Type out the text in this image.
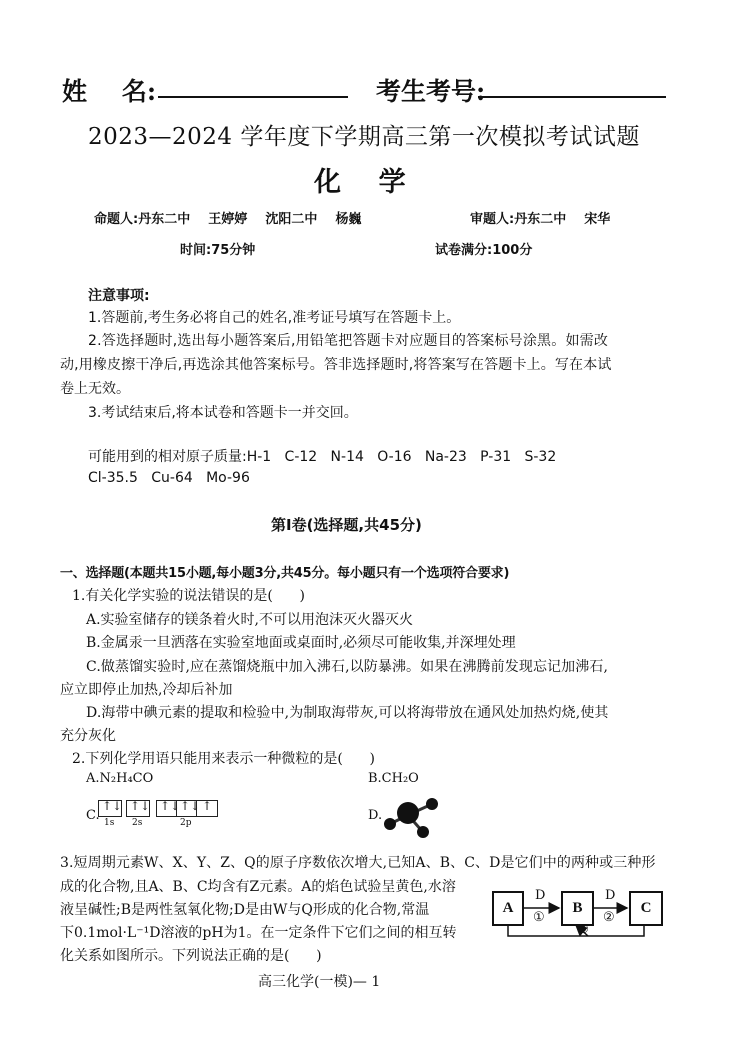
姓    名:	考生考号:
2023—2024 学年度下学期高三第一次模拟考试试题
化    学
命题人:丹东二中    王婷婷    沈阳二中    杨巍	审题人:丹东二中    宋华
时间:75分钟	试卷满分:100分
注意事项:
1.答题前,考生务必将自己的姓名,准考证号填写在答题卡上。
2.答选择题时,选出每小题答案后,用铅笔把答题卡对应题目的答案标号涂黑。如需改
动,用橡皮擦干净后,再选涂其他答案标号。答非选择题时,将答案写在答题卡上。写在本试
卷上无效。
3.考试结束后,将本试卷和答题卡一并交回。
可能用到的相对原子质量:H-1   C-12   N-14   O-16   Na-23   P-31   S-32
Cl-35.5   Cu-64   Mo-96
第Ⅰ卷(选择题,共45分)
一、选择题(本题共15小题,每小题3分,共45分。每小题只有一个选项符合要求)
1.有关化学实验的说法错误的是(      )
A.实验室储存的镁条着火时,不可以用泡沫灭火器灭火
B.金属汞一旦洒落在实验室地面或桌面时,必须尽可能收集,并深埋处理
C.做蒸馏实验时,应在蒸馏烧瓶中加入沸石,以防暴沸。如果在沸腾前发现忘记加沸石,
应立即停止加热,冷却后补加
D.海带中碘元素的提取和检验中,为制取海带灰,可以将海带放在通风处加热灼烧,使其
充分灰化
2.下列化学用语只能用来表示一种微粒的是(      )
A.N₂H₄CO	B.CH₂O
C.
↑↓ ↑↓ ↑↓ ↑↓ ↑
1s 2s	2p	D.
3.短周期元素W、X、Y、Z、Q的原子序数依次增大,已知A、B、C、D是它们中的两种或三种形
成的化合物,且A、B、C均含有Z元素。A的焰色试验呈黄色,水溶
液呈碱性;B是两性氢氧化物;D是由W与Q形成的化合物,常温
下0.1mol·L⁻¹D溶液的pH为1。在一定条件下它们之间的相互转
化关系如图所示。下列说法正确的是(      )
A	B	C
D
①
D
②
③
高三化学(一模)— 1
